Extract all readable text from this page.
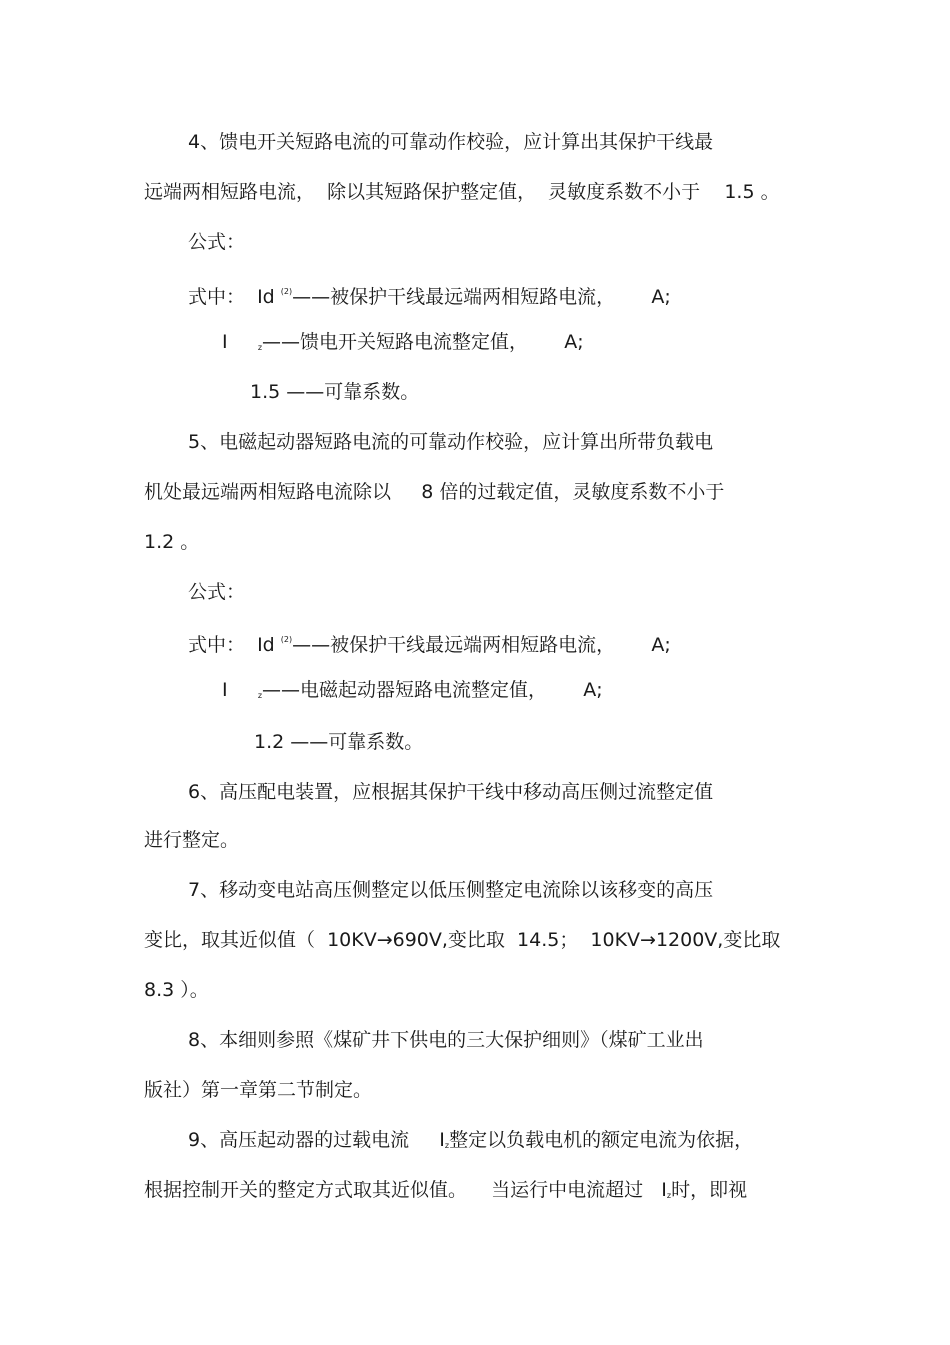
4、馈电开关短路电流的可靠动作校验，应计算出其保护干线最
远端两相短路电流，  除以其短路保护整定值，  灵敏度系数不小于    1.5 。
公式：
式中：  Id $^{(2)}$——被保护干线最远端两相短路电流，      A;
I     $_z$——馈电开关短路电流整定值，      A;
1.5 ——可靠系数。
5、电磁起动器短路电流的可靠动作校验，应计算出所带负载电
机处最远端两相短路电流除以     8 倍的过载定值，灵敏度系数不小于
1.2 。
公式：
式中：  Id $^{(2)}$——被保护干线最远端两相短路电流，      A;
I     $_z$——电磁起动器短路电流整定值，      A;
1.2 ——可靠系数。
6、高压配电装置，应根据其保护干线中移动高压侧过流整定值
进行整定。
7、移动变电站高压侧整定以低压侧整定电流除以该移变的高压
变比，取其近似值（  10KV→690V,变比取  14.5；  10KV→1200V,变比取
8.3 ）。
8、本细则参照《煤矿井下供电的三大保护细则》（煤矿工业出
版社）第一章第二节制定。
9、高压起动器的过载电流     $I_z$整定以负载电机的额定电流为依据，
根据控制开关的整定方式取其近似值。    当运行中电流超过   $I_z$时，即视
